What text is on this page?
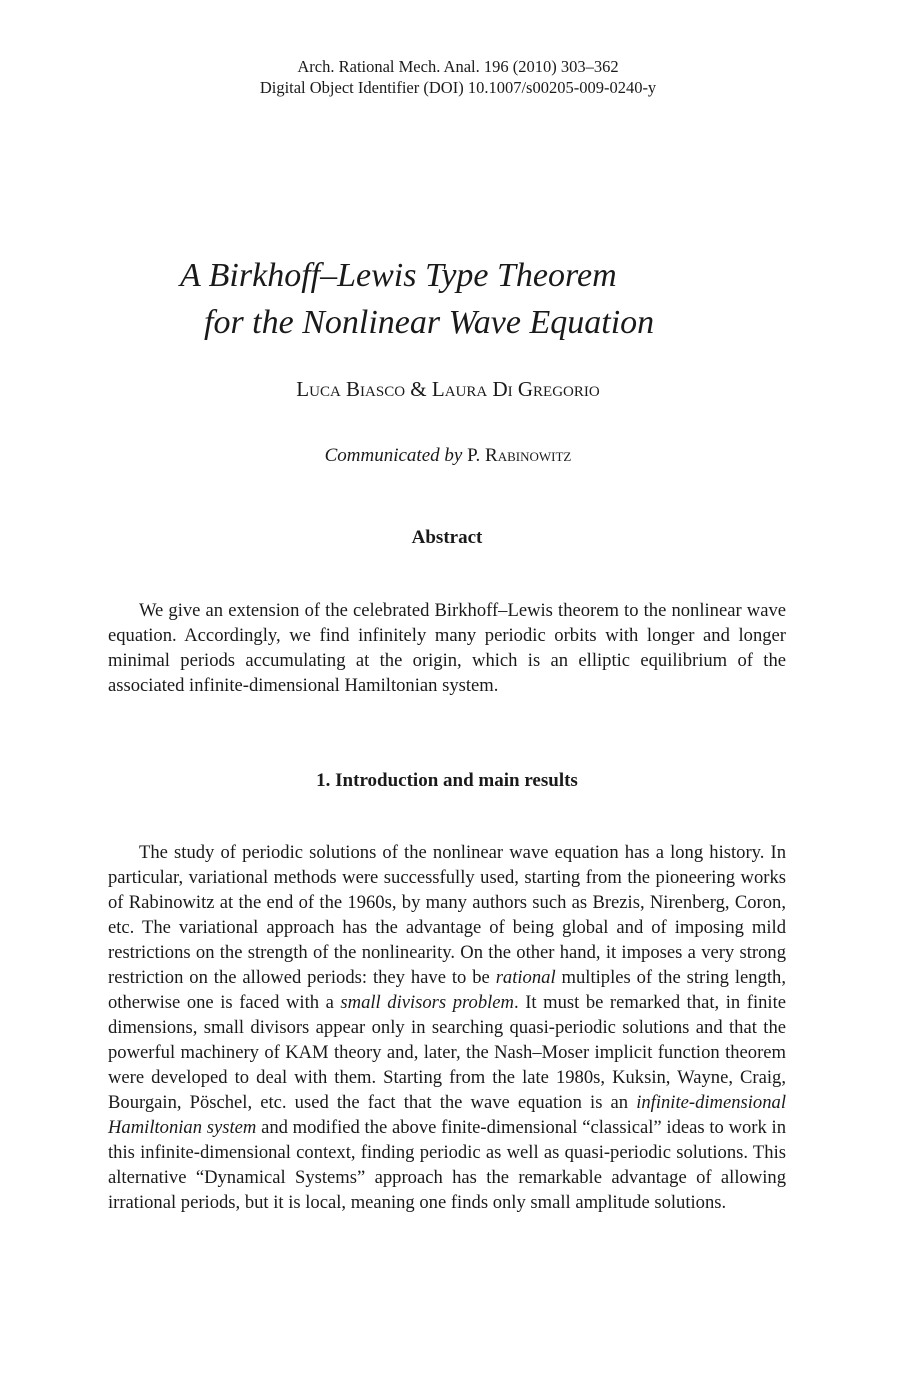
Arch. Rational Mech. Anal. 196 (2010) 303–362
Digital Object Identifier (DOI) 10.1007/s00205-009-0240-y
A Birkhoff–Lewis Type Theorem
for the Nonlinear Wave Equation
Luca Biasco & Laura Di Gregorio
Communicated by P. Rabinowitz
Abstract
We give an extension of the celebrated Birkhoff–Lewis theorem to the nonlinear wave equation. Accordingly, we find infinitely many periodic orbits with longer and longer minimal periods accumulating at the origin, which is an elliptic equilibrium of the associated infinite-dimensional Hamiltonian system.
1. Introduction and main results
The study of periodic solutions of the nonlinear wave equation has a long history. In particular, variational methods were successfully used, starting from the pioneering works of Rabinowitz at the end of the 1960s, by many authors such as Brezis, Nirenberg, Coron, etc. The variational approach has the advantage of being global and of imposing mild restrictions on the strength of the nonlinearity. On the other hand, it imposes a very strong restriction on the allowed periods: they have to be rational multiples of the string length, otherwise one is faced with a small divisors problem. It must be remarked that, in finite dimensions, small divisors appear only in searching quasi-periodic solutions and that the powerful machinery of KAM theory and, later, the Nash–Moser implicit function theorem were developed to deal with them. Starting from the late 1980s, Kuksin, Wayne, Craig, Bourgain, Pöschel, etc. used the fact that the wave equation is an infinite-dimensional Hamiltonian system and modified the above finite-dimensional “classical” ideas to work in this infinite-dimensional context, finding periodic as well as quasi-periodic solutions. This alternative “Dynamical Systems” approach has the remarkable advantage of allowing irrational periods, but it is local, meaning one finds only small amplitude solutions.
